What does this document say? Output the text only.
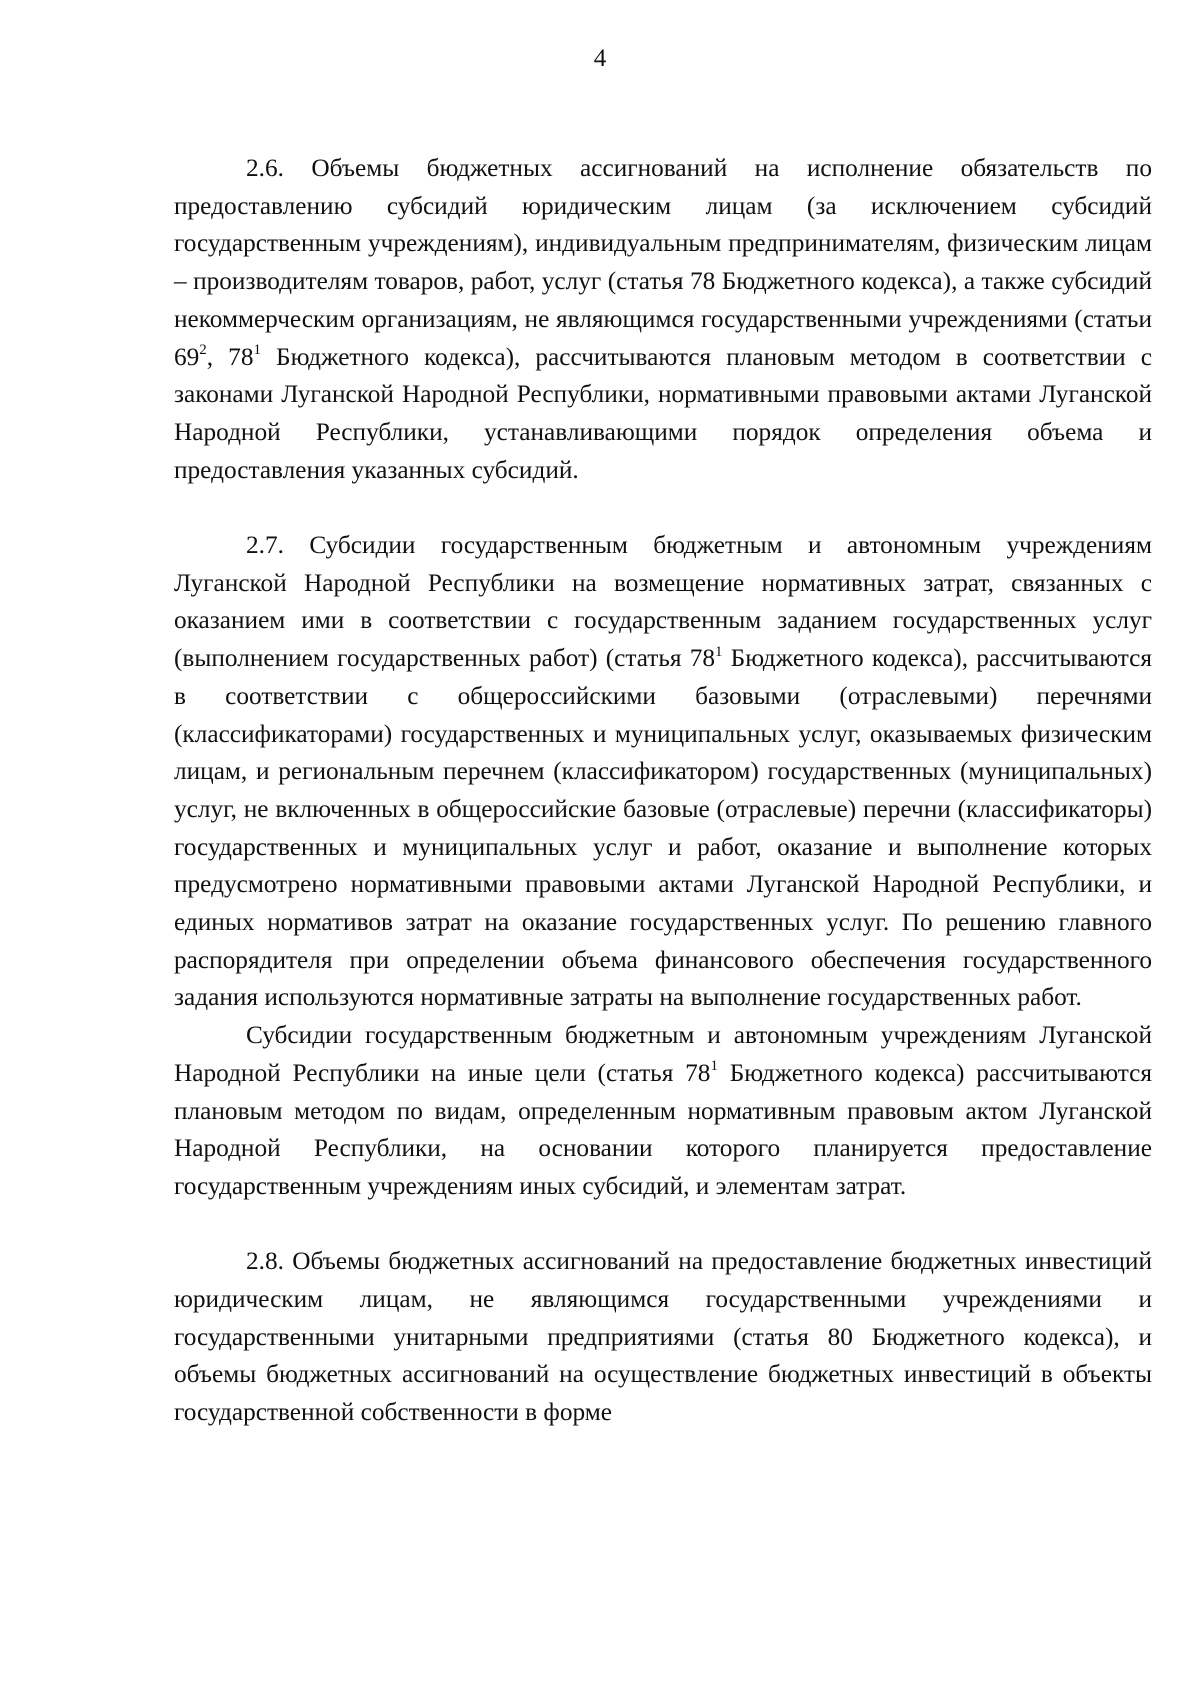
4

2.6. Объемы бюджетных ассигнований на исполнение обязательств по предоставлению субсидий юридическим лицам (за исключением субсидий государственным учреждениям), индивидуальным предпринимателям, физическим лицам – производителям товаров, работ, услуг (статья 78 Бюджетного кодекса), а также субсидий некоммерческим организациям, не являющимся государственными учреждениями (статьи $69^2$, $78^1$ Бюджетного кодекса), рассчитываются плановым методом в соответствии с законами Луганской Народной Республики, нормативными правовыми актами Луганской Народной Республики, устанавливающими порядок определения объема и предоставления указанных субсидий.

2.7. Субсидии государственным бюджетным и автономным учреждениям Луганской Народной Республики на возмещение нормативных затрат, связанных с оказанием ими в соответствии с государственным заданием государственных услуг (выполнением государственных работ) (статья $78^1$ Бюджетного кодекса), рассчитываются в соответствии с общероссийскими базовыми (отраслевыми) перечнями (классификаторами) государственных и муниципальных услуг, оказываемых физическим лицам, и региональным перечнем (классификатором) государственных (муниципальных) услуг, не включенных в общероссийские базовые (отраслевые) перечни (классификаторы) государственных и муниципальных услуг и работ, оказание и выполнение которых предусмотрено нормативными правовыми актами Луганской Народной Республики, и единых нормативов затрат на оказание государственных услуг. По решению главного распорядителя при определении объема финансового обеспечения государственного задания используются нормативные затраты на выполнение государственных работ.

Субсидии государственным бюджетным и автономным учреждениям Луганской Народной Республики на иные цели (статья $78^1$ Бюджетного кодекса) рассчитываются плановым методом по видам, определенным нормативным правовым актом Луганской Народной Республики, на основании которого планируется предоставление государственным учреждениям иных субсидий, и элементам затрат.

2.8. Объемы бюджетных ассигнований на предоставление бюджетных инвестиций юридическим лицам, не являющимся государственными учреждениями и государственными унитарными предприятиями (статья 80 Бюджетного кодекса), и объемы бюджетных ассигнований на осуществление бюджетных инвестиций в объекты государственной собственности в форме
